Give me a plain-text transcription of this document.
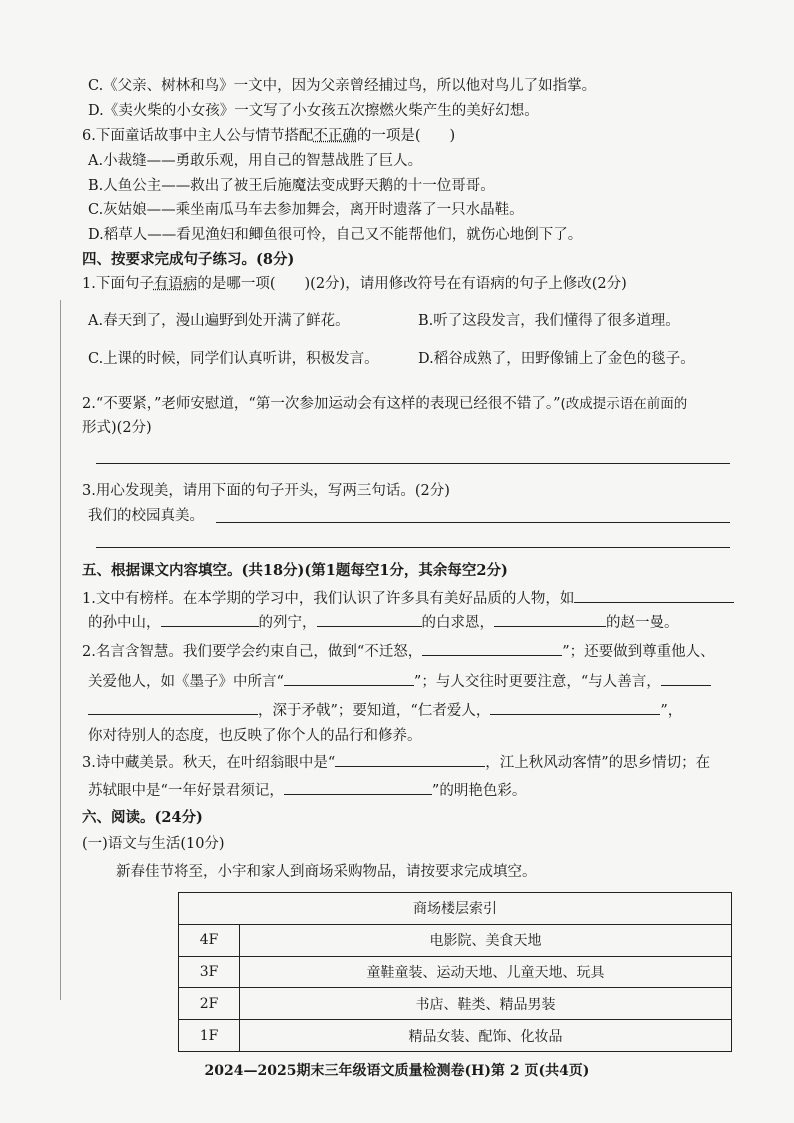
C.《父亲、树林和鸟》一文中，因为父亲曾经捕过鸟，所以他对鸟儿了如指掌。
D.《卖火柴的小女孩》一文写了小女孩五次擦燃火柴产生的美好幻想。
6.下面童话故事中主人公与情节搭配不正确的一项是(　　)
A.小裁缝——勇敢乐观，用自己的智慧战胜了巨人。
B.人鱼公主——救出了被王后施魔法变成野天鹅的十一位哥哥。
C.灰姑娘——乘坐南瓜马车去参加舞会，离开时遗落了一只水晶鞋。
D.稻草人——看见渔妇和鲫鱼很可怜，自己又不能帮他们，就伤心地倒下了。
四、按要求完成句子练习。(8分)
1.下面句子有语病的是哪一项(　　)(2分)，请用修改符号在有语病的句子上修改(2分)
A.春天到了，漫山遍野到处开满了鲜花。	B.听了这段发言，我们懂得了很多道理。
C.上课的时候，同学们认真听讲，积极发言。	D.稻谷成熟了，田野像铺上了金色的毯子。
2.“不要紧，”老师安慰道，“第一次参加运动会有这样的表现已经很不错了。”(改成提示语在前面的
形式)(2分)
3.用心发现美，请用下面的句子开头，写两三句话。(2分)
我们的校园真美。
五、根据课文内容填空。(共18分)(第1题每空1分，其余每空2分)
1.文中有榜样。在本学期的学习中，我们认识了许多具有美好品质的人物，如
的孙中山，	的列宁，	的白求恩，	的赵一曼。
2.名言含智慧。我们要学会约束自己，做到“不迁怒，	”；还要做到尊重他人、
关爱他人，如《墨子》中所言“	”；与人交往时更要注意，“与人善言，
，深于矛戟”；要知道，“仁者爱人，	”，
你对待别人的态度，也反映了你个人的品行和修养。
3.诗中藏美景。秋天，在叶绍翁眼中是“	，江上秋风动客情”的思乡情切；在
苏轼眼中是“一年好景君须记，	”的明艳色彩。
六、阅读。(24分)
(一)语文与生活(10分)
新春佳节将至，小宇和家人到商场采购物品，请按要求完成填空。
商场楼层索引	
4F	电影院、美食天地
3F	童鞋童装、运动天地、儿童天地、玩具
2F	书店、鞋类、精品男装
1F	精品女装、配饰、化妆品
2024—2025期末三年级语文质量检测卷(H)第 2 页(共4页)
